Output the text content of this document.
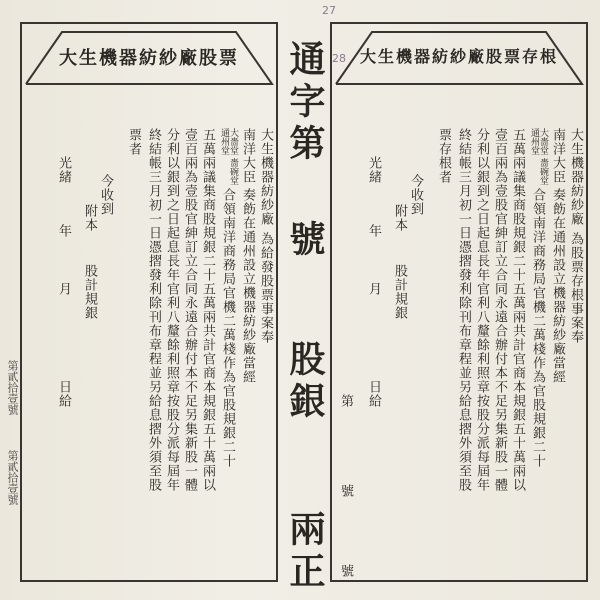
大生機器紡紗廠股票
大生機器紡紗廠為給發股票事案奉
南洋大臣奏飭在通州設立機器紡紗廠當經
大嗇堂
通州堂
嗇碗堂
合領南洋商務局官機二萬棧作為官股規銀二十
五萬兩議集商股規銀二十五萬兩共計官商本規銀五十萬兩以
壹百兩為壹股官紳訂立合同永遠合辦付本不足另集新股一體
分利以銀到之日起息長年官利八釐餘利照章按股分派每屆年
終結帳三月初一日憑摺發利除刊布章程並另給息摺外須至股
票者
今收到
附本
股計規銀
光緒
年
月
日給
第貳拾壹號
第貳拾壹號
通字第
號
股銀
兩正
大生機器紡紗廠股票存根
大生機器紡紗廠為股票存根事案奉
南洋大臣奏飭在通州設立機器紡紗廠當經
大嗇堂
通州堂
嗇碗堂
合領南洋商務局官機二萬棧作為官股規銀二十
五萬兩議集商股規銀二十五萬兩共計官商本規銀五十萬兩以
壹百兩為壹股官紳訂立合同永遠合辦付本不足另集新股一體
分利以銀到之日起息長年官利八釐餘利照章按股分派每屆年
終結帳三月初一日憑摺發利除刊布章程並另給息摺外須至股
票存根者
今收到
附本
股計規銀
光緒
年
月
日給
第
號
號
27
28
